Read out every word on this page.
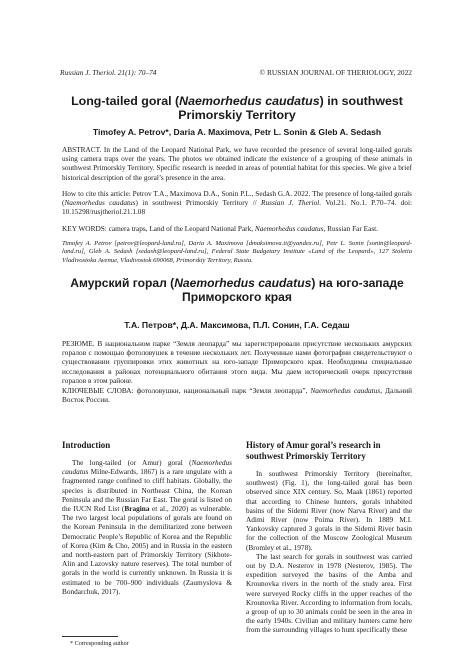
Russian J. Theriol. 21(1): 70–74	© RUSSIAN JOURNAL OF THERIOLOGY, 2022
Long-tailed goral (Naemorhedus caudatus) in southwest Primorskiy Territory
Timofey A. Petrov*, Daria A. Maximova, Petr L. Sonin & Gleb A. Sedash
ABSTRACT. In the Land of the Leopard National Park, we have recorded the presence of several long-tailed gorals using camera traps over the years. The photos we obtained indicate the existence of a grouping of these animals in southwest Primorskiy Territory. Specific research is needed in areas of potential habitat for this species. We give a brief historical description of the goral’s presence in the area.
How to cite this article: Petrov T.A., Maximova D.A., Sonin P.L., Sedash G.A. 2022. The presence of long-tailed gorals (Naemorhedus caudatus) in southwest Primorskiy Territory // Russian J. Theriol. Vol.21. No.1. P.70–74. doi: 10.15298/rusjtheriol.21.1.08
KEY WORDS: camera traps, Land of the Leopard National Park, Naemorhedus caudatus, Russian Far East.
Timofey A. Petrov [petrov@leopard-land.ru], Daria A. Maximova [dmaksimova.ti@yandex.ru], Petr L. Sonin [sonin@leopard-land.ru], Gleb A. Sedash [sedash@leopard-land.ru], Federal State Budgetary Institute «Land of the Leopard», 127 Stoletia Vladivostoka Avenue, Vladivostok 690068, Primorskiy Territory, Russia.
Амурский горал (Naemorhedus caudatus) на юго-западе Приморского края
Т.А. Петров*, Д.А. Максимова, П.Л. Сонин, Г.А. Седаш
РЕЗЮМЕ. В национальном парке “Земля леопарда” мы зарегистрировали присутствие нескольких амурских горалов с помощью фотоловушек в течение нескольких лет. Полученные нами фотографии свидетельствуют о существовании группировки этих животных на юго-западе Приморского края. Необходимы специальные исследования в районах потенциального обитания этого вида. Мы даем исторический очерк присутствия горалов в этом районе.
КЛЮЧЕВЫЕ СЛОВА: фотоловушки, национальный парк “Земля леопарда”, Naemorhedus caudatus, Дальний Восток России.
Introduction

The long-tailed (or Amur) goral (Naemorhedus caudatus Milne-Edwards, 1867) is a rare ungulate with a fragmented range confined to cliff habitats. Globally, the species is distributed in Northeast China, the Korean Peninsula and the Russian Far East. The goral is listed on the IUCN Red List (Bragina et al., 2020) as vulnerable. The two largest local populations of gorals are found on the Korean Peninsula in the demilitarized zone between Democratic People’s Republic of Korea and the Republic of Korea (Kim & Cho, 2005) and in Russia in the eastern and north-eastern part of Primorskiy Territory (Sikhote-Alin and Lazovsky nature reserves). The total number of gorals in the world is currently unknown. In Russia it is estimated to be 700–900 individuals (Zaumyslova & Bondarchuk, 2017).

History of Amur goral’s research in southwest Primorskiy Territory

In southwest Primorskiy Territory (hereinafter, southwest) (Fig. 1), the long-tailed goral has been observed since XIX century. So, Maak (1861) reported that according to Chinese hunters, gorals inhabited basins of the Sidemi River (now Narva River) and the Adimi River (now Poima River). In 1889 M.I. Yankovsky captured 3 gorals in the Sidemi River basin for the collection of the Moscow Zoological Museum (Bromley et al., 1978).

The last search for gorals in southwest was carried out by D.A. Nesterov in 1978 (Nesterov, 1985). The expedition surveyed the basins of the Amba and Krounovka rivers in the north of the study area. First were surveyed Rocky cliffs in the upper reaches of the Krounovka River. According to information from locals, a group of up to 30 animals could be seen in the area in the early 1940s. Civilian and military hunters came here from the surrounding villages to hunt specifically these

* Corresponding author
